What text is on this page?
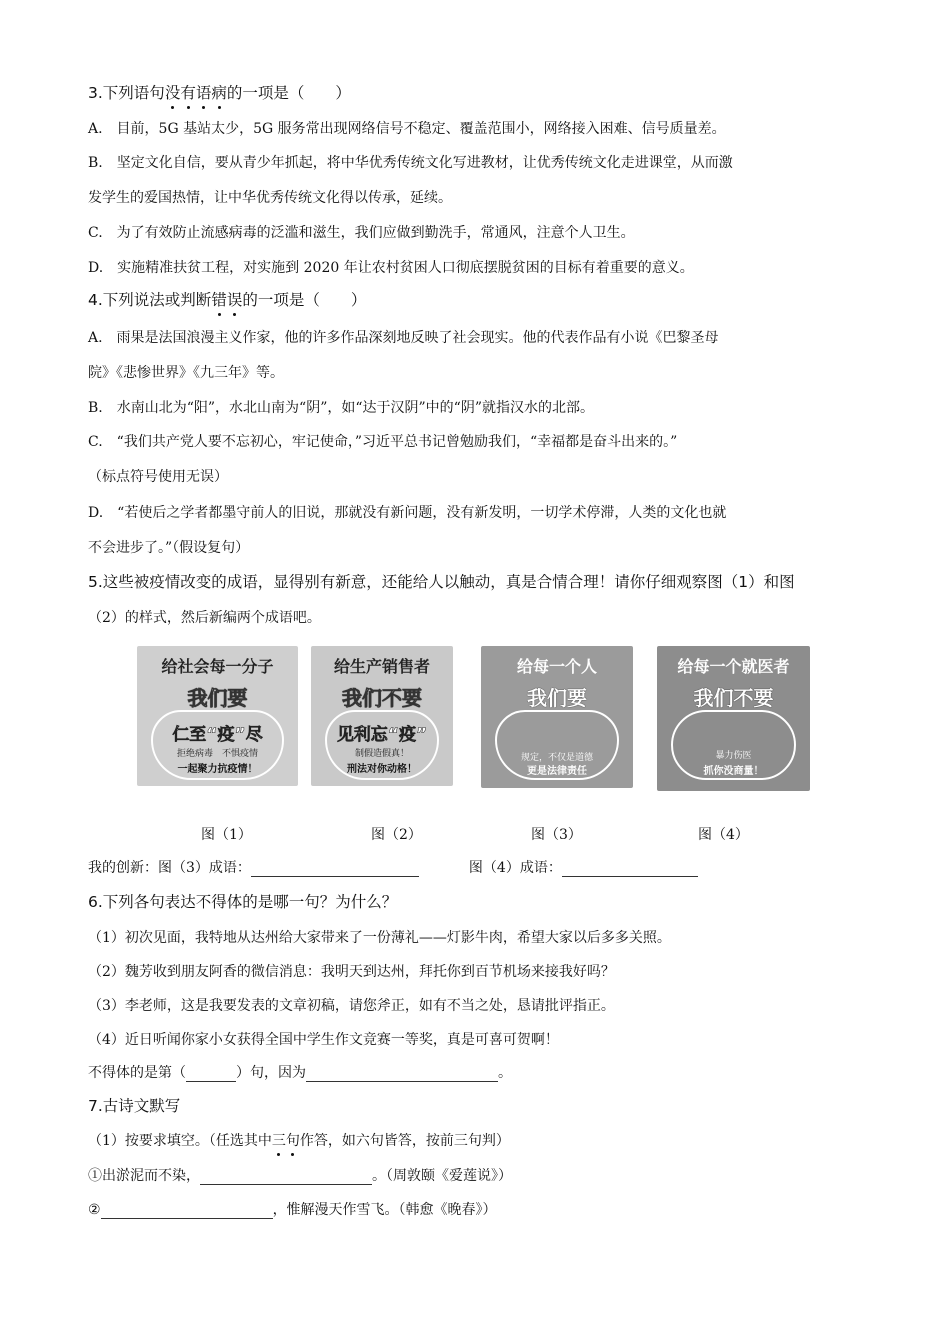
3.下列语句没有语病的一项是（　　）
A.　目前，5G 基站太少，5G 服务常出现网络信号不稳定、覆盖范围小，网络接入困难、信号质量差。
B.　坚定文化自信，要从青少年抓起，将中华优秀传统文化写进教材，让优秀传统文化走进课堂，从而激
发学生的爱国热情，让中华优秀传统文化得以传承，延续。
C.　为了有效防止流感病毒的泛滥和滋生，我们应做到勤洗手，常通风，注意个人卫生。
D.　实施精准扶贫工程，对实施到 2020 年让农村贫困人口彻底摆脱贫困的目标有着重要的意义。
4.下列说法或判断错误的一项是（　　）
A.　雨果是法国浪漫主义作家，他的许多作品深刻地反映了社会现实。他的代表作品有小说《巴黎圣母
院》《悲惨世界》《九三年》等。
B.　水南山北为“阳”，水北山南为“阴”，如“达于汉阴”中的“阴”就指汉水的北部。
C.　“我们共产党人要不忘初心，牢记使命，”习近平总书记曾勉励我们，“幸福都是奋斗出来的。”
（标点符号使用无误）
D.　“若使后之学者都墨守前人的旧说，那就没有新问题，没有新发明，一切学术停滞，人类的文化也就
不会进步了。”（假设复句）
5.这些被疫情改变的成语，显得别有新意，还能给人以触动，真是合情合理！请你仔细观察图（1）和图
（2）的样式，然后新编两个成语吧。
给社会每一分子
我们要
仁至“疫”尽
拒绝病毒　不惧疫情
一起聚力抗疫情！
给生产销售者
我们不要
见利忘“疫”
制假造假真！
刑法对你动格！
给每一个人
我们要
规定，不仅是道德
更是法律责任
给每一个就医者
我们不要
暴力伤医
抓你没商量！
图（1）	图（2）	图（3）	图（4）
我的创新：图（3）成语：	图（4）成语：
6.下列各句表达不得体的是哪一句？为什么？
（1）初次见面，我特地从达州给大家带来了一份薄礼——灯影牛肉，希望大家以后多多关照。
（2）魏芳收到朋友阿香的微信消息：我明天到达州，拜托你到百节机场来接我好吗？
（3）李老师，这是我要发表的文章初稿，请您斧正，如有不当之处，恳请批评指正。
（4）近日听闻你家小女获得全国中学生作文竞赛一等奖，真是可喜可贺啊！
不得体的是第（	）句，因为	。
7.古诗文默写
（1）按要求填空。（任选其中三句作答，如六句皆答，按前三句判）
①出淤泥而不染，	。（周敦颐《爱莲说》）
②	，惟解漫天作雪飞。（韩愈《晚春》）
